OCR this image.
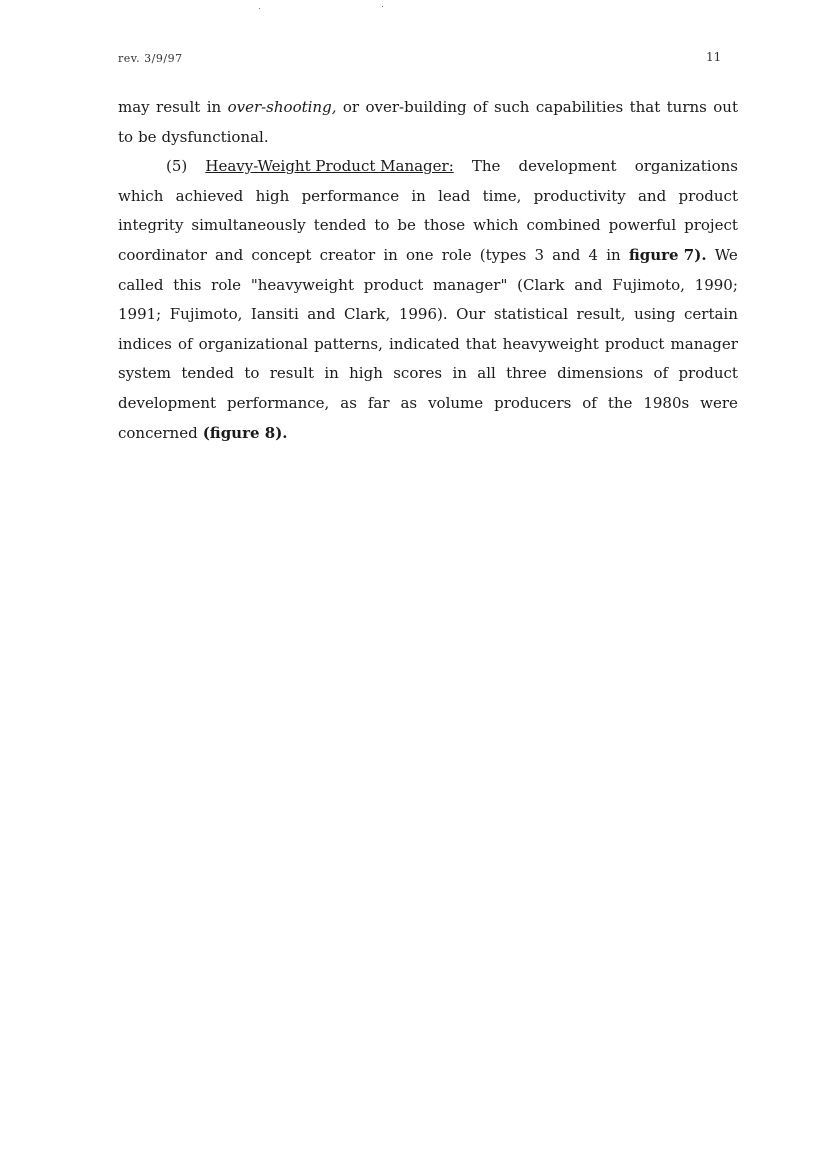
rev. 3/9/97	11
may result in over-shooting, or over-building of such capabilities that turns out
to be dysfunctional.
(5) Heavy-Weight Product Manager: The development organizations
which achieved high performance in lead time, productivity and product
integrity simultaneously tended to be those which combined powerful project
coordinator and concept creator in one role (types 3 and 4 in figure 7). We
called this role "heavyweight product manager" (Clark and Fujimoto, 1990;
1991; Fujimoto, Iansiti and Clark, 1996). Our statistical result, using certain
indices of organizational patterns, indicated that heavyweight product manager
system tended to result in high scores in all three dimensions of product
development performance, as far as volume producers of the 1980s were
concerned (figure 8).
